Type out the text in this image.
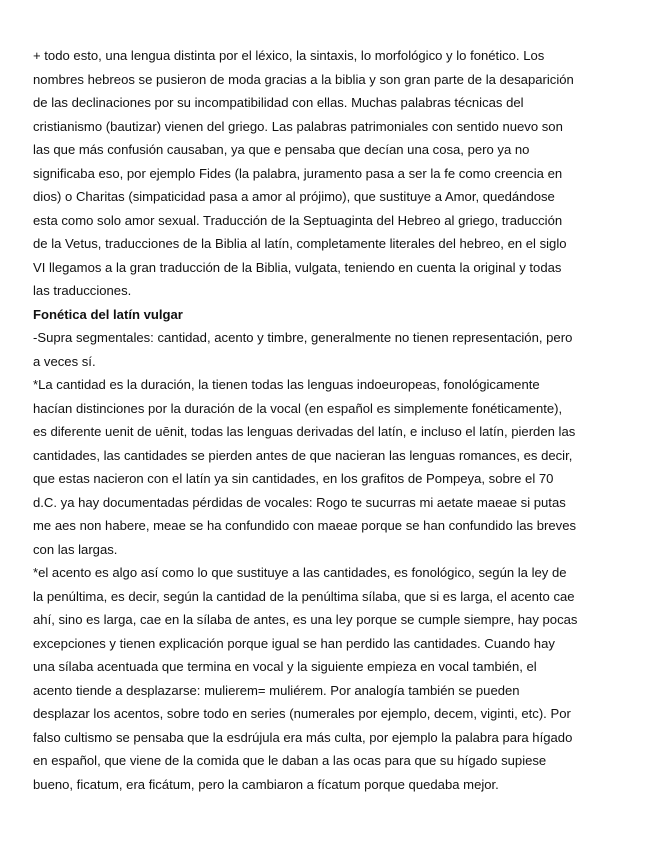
+ todo esto, una lengua distinta por el léxico, la sintaxis, lo morfológico y lo fonético. Los
nombres hebreos se pusieron de moda gracias a la biblia y son gran parte de la desaparición
de las declinaciones por su incompatibilidad con ellas. Muchas palabras técnicas del
cristianismo (bautizar) vienen del griego. Las palabras patrimoniales con sentido nuevo son
las que más confusión causaban, ya que e pensaba que decían una cosa, pero ya no
significaba eso, por ejemplo Fides (la palabra, juramento pasa a ser la fe como creencia en
dios) o Charitas (simpaticidad pasa a amor al prójimo), que sustituye a Amor, quedándose
esta como solo amor sexual. Traducción de la Septuaginta del Hebreo al griego, traducción
de la Vetus, traducciones de la Biblia al latín, completamente literales del hebreo, en el siglo
VI llegamos a la gran traducción de la Biblia, vulgata, teniendo en cuenta la original y todas
las traducciones.
Fonética del latín vulgar
-Supra segmentales: cantidad, acento y timbre, generalmente no tienen representación, pero
a veces sí.
*La cantidad es la duración, la tienen todas las lenguas indoeuropeas, fonológicamente
hacían distinciones por la duración de la vocal (en español es simplemente fonéticamente),
es diferente uenit de uēnit, todas las lenguas derivadas del latín, e incluso el latín, pierden las
cantidades, las cantidades se pierden antes de que nacieran las lenguas romances, es decir,
que estas nacieron con el latín ya sin cantidades, en los grafitos de Pompeya, sobre el 70
d.C. ya hay documentadas pérdidas de vocales: Rogo te sucurras mi aetate maeae si putas
me aes non habere, meae se ha confundido con maeae porque se han confundido las breves
con las largas.
*el acento es algo así como lo que sustituye a las cantidades, es fonológico, según la ley de
la penúltima, es decir, según la cantidad de la penúltima sílaba, que si es larga, el acento cae
ahí, sino es larga, cae en la sílaba de antes, es una ley porque se cumple siempre, hay pocas
excepciones y tienen explicación porque igual se han perdido las cantidades. Cuando hay
una sílaba acentuada que termina en vocal y la siguiente empieza en vocal también, el
acento tiende a desplazarse: mulierem= muliérem. Por analogía también se pueden
desplazar los acentos, sobre todo en series (numerales por ejemplo, decem, viginti, etc). Por
falso cultismo se pensaba que la esdrújula era más culta, por ejemplo la palabra para hígado
en español, que viene de la comida que le daban a las ocas para que su hígado supiese
bueno, ficatum, era ficátum, pero la cambiaron a fícatum porque quedaba mejor.
